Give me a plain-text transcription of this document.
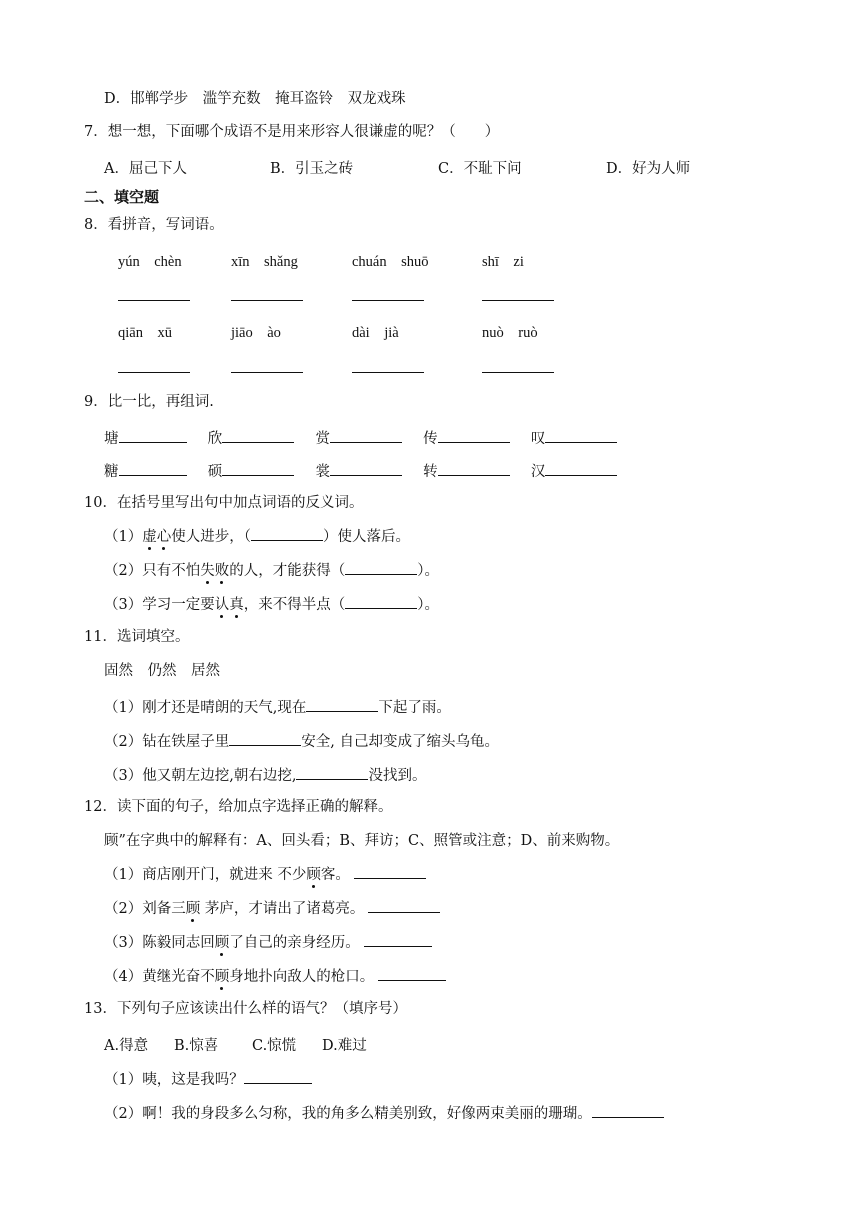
D．邯郸学步　滥竽充数　掩耳盗铃　双龙戏珠
7．想一想，下面哪个成语不是用来形容人很谦虚的呢？（　　）
A．屈己下人	B．引玉之砖	C．不耻下问	D．好为人师
二、填空题
8．看拼音，写词语。
yún　chèn	xīn　shǎng	chuán　shuō	shī　zi
qiān　xū	jiāo　ào	dài　jià	nuò　ruò
9．比一比，再组词.
塘	欣	赏	传	叹
糖	硕	裳	转	汉
10．在括号里写出句中加点词语的反义词。
（1）虚心使人进步，（	）使人落后。
（2）只有不怕失败的人，才能获得（	）。
（3）学习一定要认真，来不得半点（	）。
11．选词填空。
固然　仍然　居然
（1）刚才还是晴朗的天气,现在	下起了雨。
（2）钻在铁屋子里	安全, 自己却变成了缩头乌龟。
（3）他又朝左边挖,朝右边挖,	没找到。
12．读下面的句子，给加点字选择正确的解释。
顾”在字典中的解释有：A、回头看；B、拜访；C、照管或注意；D、前来购物。
（1）商店刚开门，就进来 不少顾客。
（2）刘备三顾 茅庐，才请出了诸葛亮。
（3）陈毅同志回顾了自己的亲身经历。
（4）黄继光奋不顾身地扑向敌人的枪口。
13．下列句子应该读出什么样的语气？（填序号）
A.得意 B.惊喜 C.惊慌 D.难过
（1）咦，这是我吗？
（2）啊！我的身段多么匀称，我的角多么精美别致，好像两束美丽的珊瑚。
